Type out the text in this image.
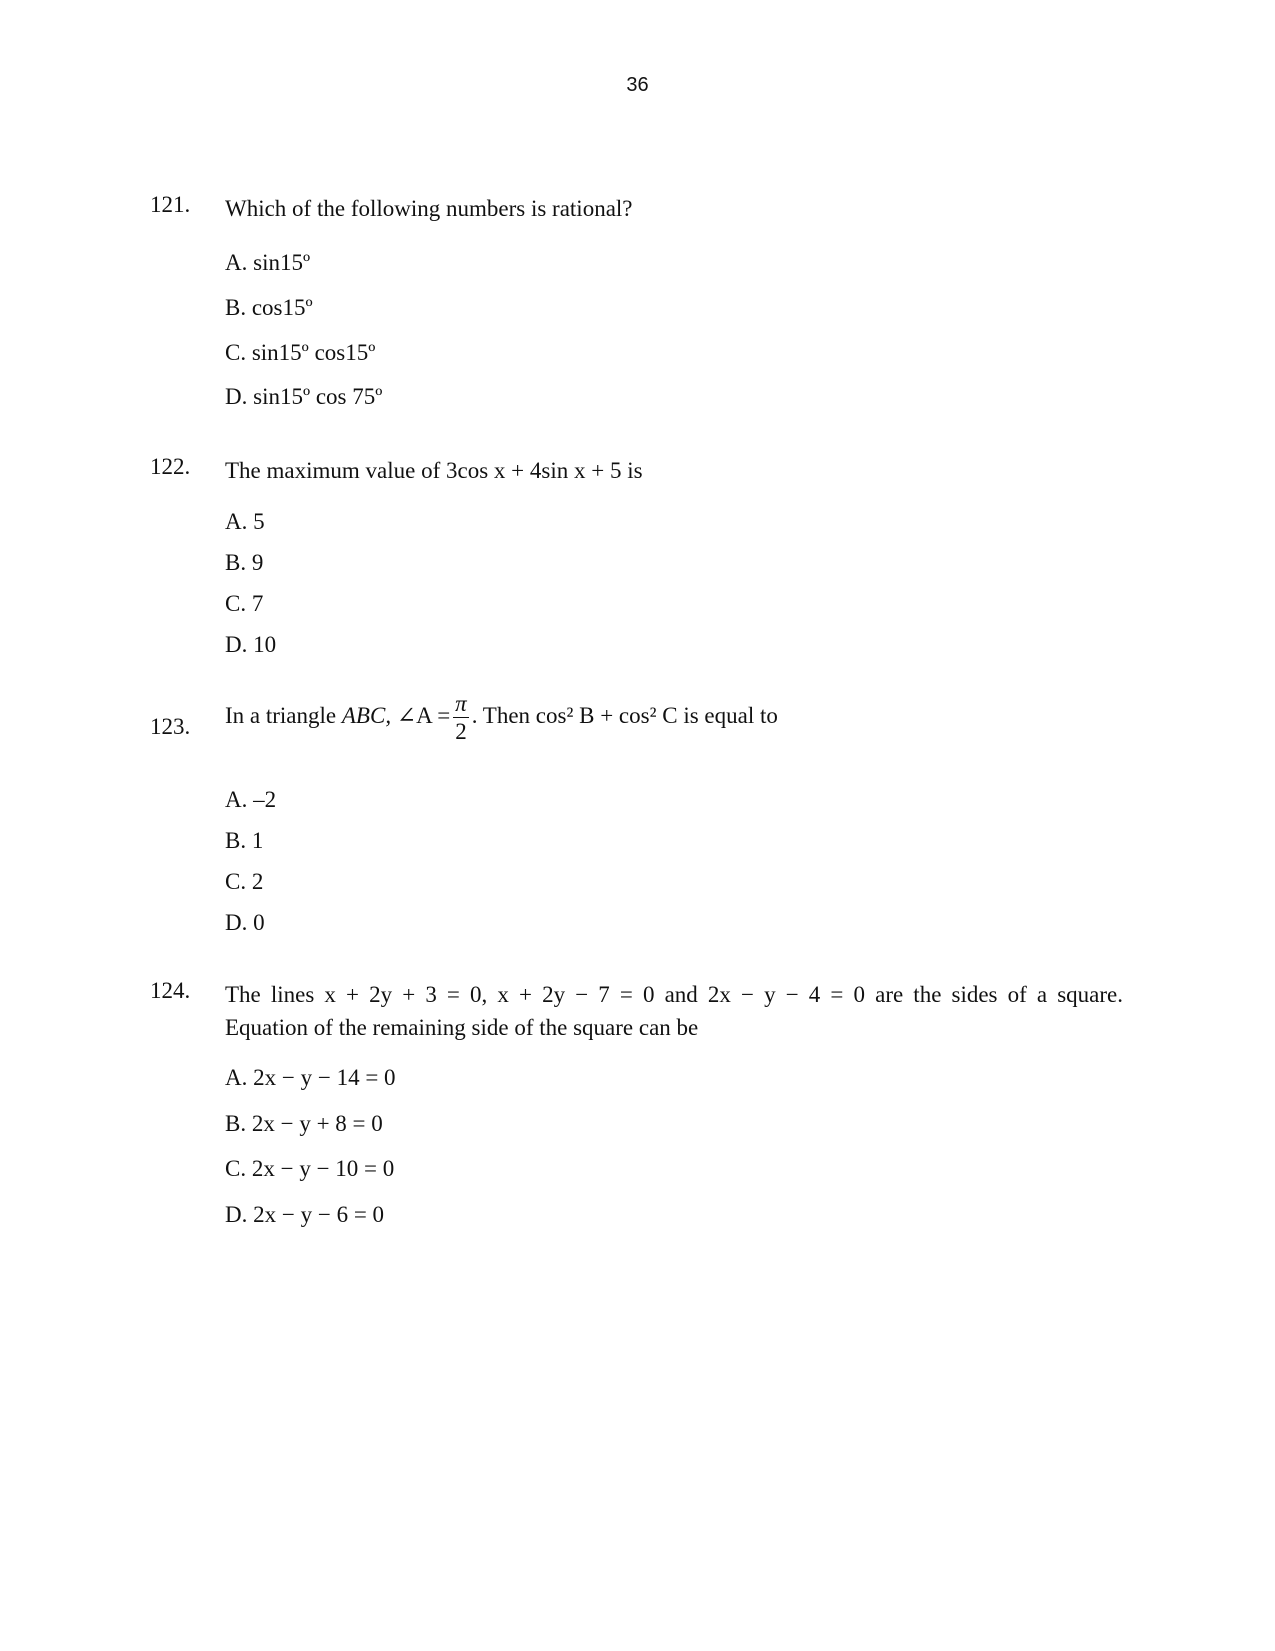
36
121. Which of the following numbers is rational?
A. sin15º
B. cos15º
C. sin15º cos15º
D. sin15º cos 75º
122. The maximum value of 3cos x + 4sin x + 5 is
A. 5
B. 9
C. 7
D. 10
123. In a triangle ABC, ∠A = $\frac{\pi}{2}$ . Then cos² B + cos² C is equal to
A. –2
B. 1
C. 2
D. 0
124. The lines x + 2y + 3 = 0, x + 2y − 7 = 0 and 2x − y − 4 = 0 are the sides of a square.
Equation of the remaining side of the square can be
A. 2x − y − 14 = 0
B. 2x − y + 8 = 0
C. 2x − y − 10 = 0
D. 2x − y − 6 = 0
